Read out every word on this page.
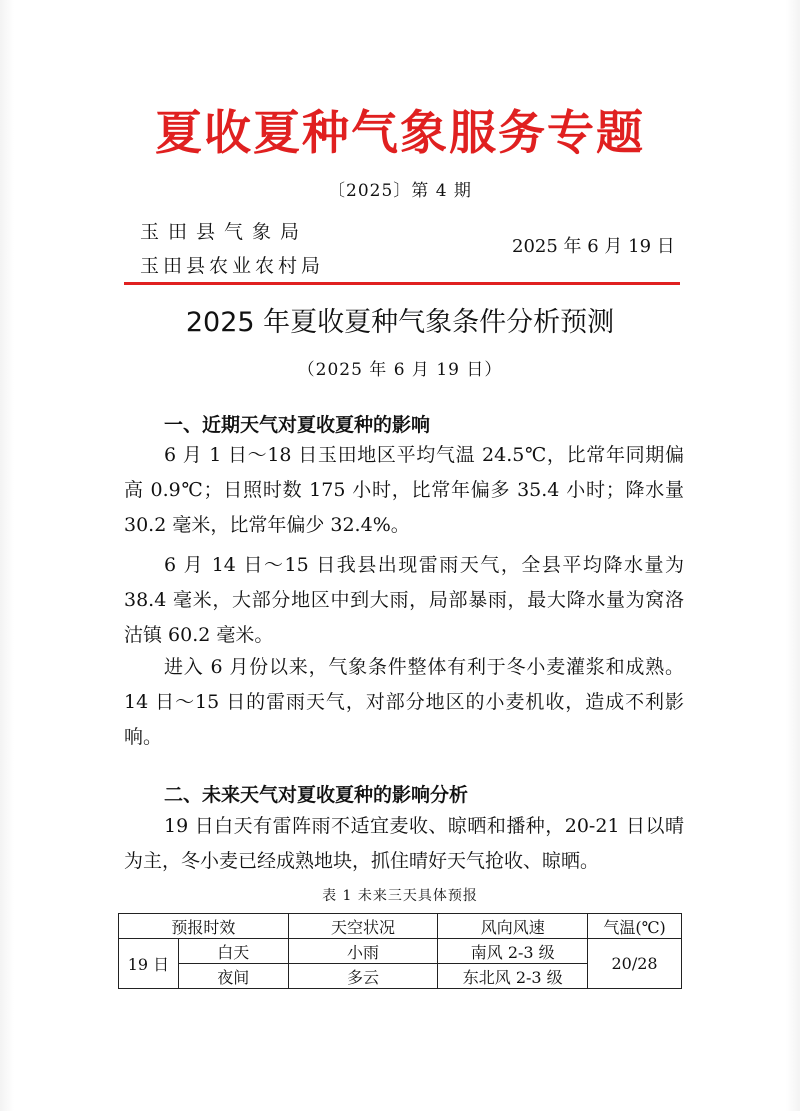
夏收夏种气象服务专题
〔2025〕第 4 期
玉田县气象局
玉田县农业农村局
2025 年 6 月 19 日
2025 年夏收夏种气象条件分析预测
（2025 年 6 月 19 日）
一、近期天气对夏收夏种的影响
6 月 1 日～18 日玉田地区平均气温 24.5℃，比常年同期偏高 0.9℃；日照时数 175 小时，比常年偏多 35.4 小时；降水量 30.2 毫米，比常年偏少 32.4%。
6 月 14 日～15 日我县出现雷雨天气，全县平均降水量为 38.4 毫米，大部分地区中到大雨，局部暴雨，最大降水量为窝洛沽镇 60.2 毫米。
进入 6 月份以来，气象条件整体有利于冬小麦灌浆和成熟。14 日～15 日的雷雨天气，对部分地区的小麦机收，造成不利影响。
二、未来天气对夏收夏种的影响分析
19 日白天有雷阵雨不适宜麦收、晾晒和播种，20-21 日以晴为主，冬小麦已经成熟地块，抓住晴好天气抢收、晾晒。
表 1 未来三天具体预报
预报时效		天空状况	风向风速	气温(℃)
19 日	白天	小雨	南风 2-3 级	20/28
	夜间	多云	东北风 2-3 级	
